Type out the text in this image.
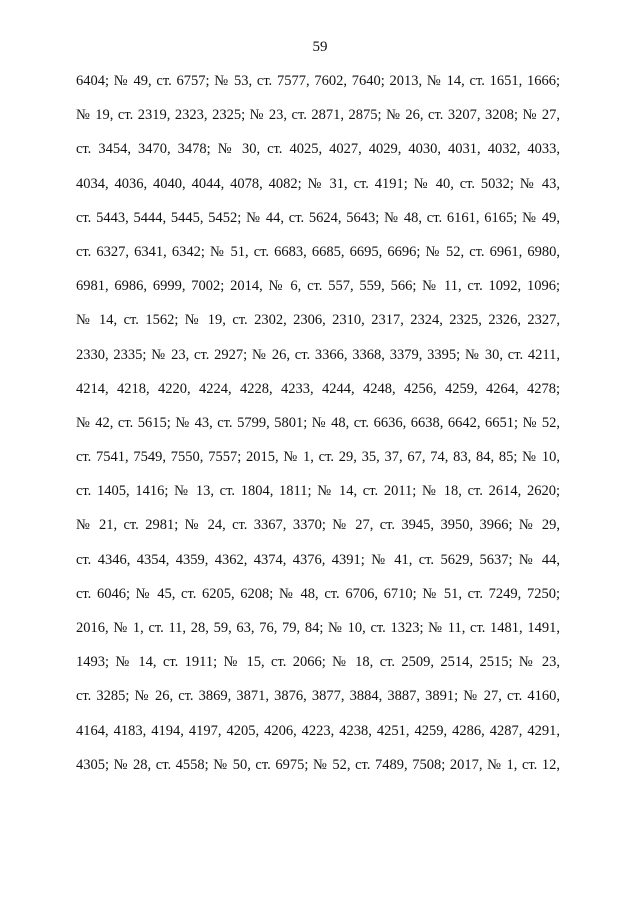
59
6404; № 49, ст. 6757; № 53, ст. 7577, 7602, 7640; 2013, № 14, ст. 1651, 1666;
№ 19, ст. 2319, 2323, 2325; № 23, ст. 2871, 2875; № 26, ст. 3207, 3208; № 27,
ст. 3454, 3470, 3478; № 30, ст. 4025, 4027, 4029, 4030, 4031, 4032, 4033,
4034, 4036, 4040, 4044, 4078, 4082; № 31, ст. 4191; № 40, ст. 5032; № 43,
ст. 5443, 5444, 5445, 5452; № 44, ст. 5624, 5643; № 48, ст. 6161, 6165; № 49,
ст. 6327, 6341, 6342; № 51, ст. 6683, 6685, 6695, 6696; № 52, ст. 6961, 6980,
6981, 6986, 6999, 7002; 2014, № 6, ст. 557, 559, 566; № 11, ст. 1092, 1096;
№ 14, ст. 1562; № 19, ст. 2302, 2306, 2310, 2317, 2324, 2325, 2326, 2327,
2330, 2335; № 23, ст. 2927; № 26, ст. 3366, 3368, 3379, 3395; № 30, ст. 4211,
4214, 4218, 4220, 4224, 4228, 4233, 4244, 4248, 4256, 4259, 4264, 4278;
№ 42, ст. 5615; № 43, ст. 5799, 5801; № 48, ст. 6636, 6638, 6642, 6651; № 52,
ст. 7541, 7549, 7550, 7557; 2015, № 1, ст. 29, 35, 37, 67, 74, 83, 84, 85; № 10,
ст. 1405, 1416; № 13, ст. 1804, 1811; № 14, ст. 2011; № 18, ст. 2614, 2620;
№ 21, ст. 2981; № 24, ст. 3367, 3370; № 27, ст. 3945, 3950, 3966; № 29,
ст. 4346, 4354, 4359, 4362, 4374, 4376, 4391; № 41, ст. 5629, 5637; № 44,
ст. 6046; № 45, ст. 6205, 6208; № 48, ст. 6706, 6710; № 51, ст. 7249, 7250;
2016, № 1, ст. 11, 28, 59, 63, 76, 79, 84; № 10, ст. 1323; № 11, ст. 1481, 1491,
1493; № 14, ст. 1911; № 15, ст. 2066; № 18, ст. 2509, 2514, 2515; № 23,
ст. 3285; № 26, ст. 3869, 3871, 3876, 3877, 3884, 3887, 3891; № 27, ст. 4160,
4164, 4183, 4194, 4197, 4205, 4206, 4223, 4238, 4251, 4259, 4286, 4287, 4291,
4305; № 28, ст. 4558; № 50, ст. 6975; № 52, ст. 7489, 7508; 2017, № 1, ст. 12,
